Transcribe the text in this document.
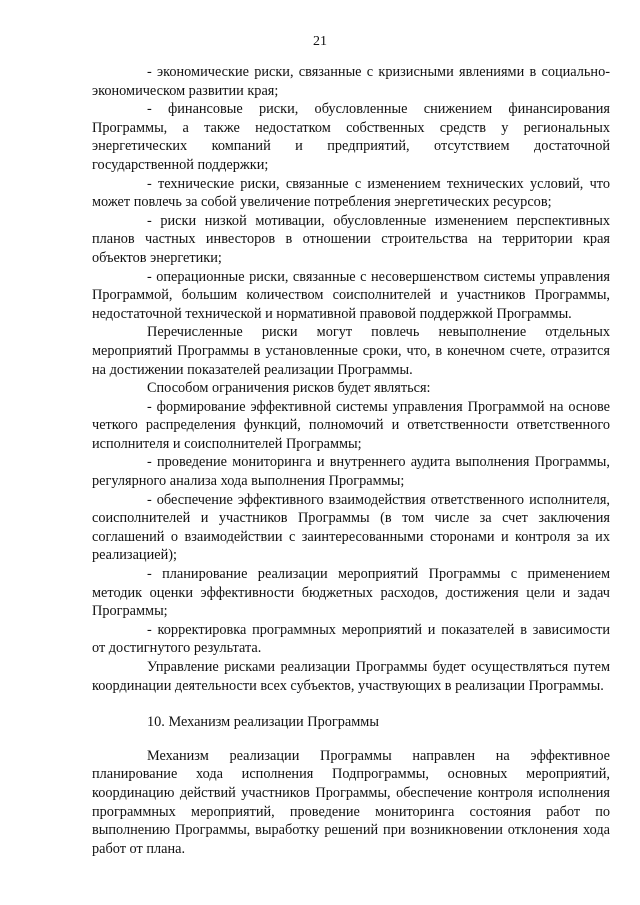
21

- экономические риски, связанные с кризисными явлениями в социально-экономическом развитии края;

- финансовые риски, обусловленные снижением финансирования Программы, а также недостатком собственных средств у региональных энергетических компаний и предприятий, отсутствием достаточной государственной поддержки;

- технические риски, связанные с изменением технических условий, что может повлечь за собой увеличение потребления энергетических ресурсов;

- риски низкой мотивации, обусловленные изменением перспективных планов частных инвесторов в отношении строительства на территории края объектов энергетики;

- операционные риски, связанные с несовершенством системы управления Программой, большим количеством соисполнителей и участников Программы, недостаточной технической и нормативной правовой поддержкой Программы.

Перечисленные риски могут повлечь невыполнение отдельных мероприятий Программы в установленные сроки, что, в конечном счете, отразится на достижении показателей реализации Программы.

Способом ограничения рисков будет являться:

- формирование эффективной системы управления Программой на основе четкого распределения функций, полномочий и ответственности ответственного исполнителя и соисполнителей Программы;

- проведение мониторинга и внутреннего аудита выполнения Программы, регулярного анализа хода выполнения Программы;

- обеспечение эффективного взаимодействия ответственного исполнителя, соисполнителей и участников Программы (в том числе за счет заключения соглашений о взаимодействии с заинтересованными сторонами и контроля за их реализацией);

- планирование реализации мероприятий Программы с применением методик оценки эффективности бюджетных расходов, достижения цели и задач Программы;

- корректировка программных мероприятий и показателей в зависимости от достигнутого результата.

Управление рисками реализации Программы будет осуществляться путем координации деятельности всех субъектов, участвующих в реализации Программы.

10. Механизм реализации Программы

Механизм реализации Программы направлен на эффективное планирование хода исполнения Подпрограммы, основных мероприятий, координацию действий участников Программы, обеспечение контроля исполнения программных мероприятий, проведение мониторинга состояния работ по выполнению Программы, выработку решений при возникновении отклонения хода работ от плана.
